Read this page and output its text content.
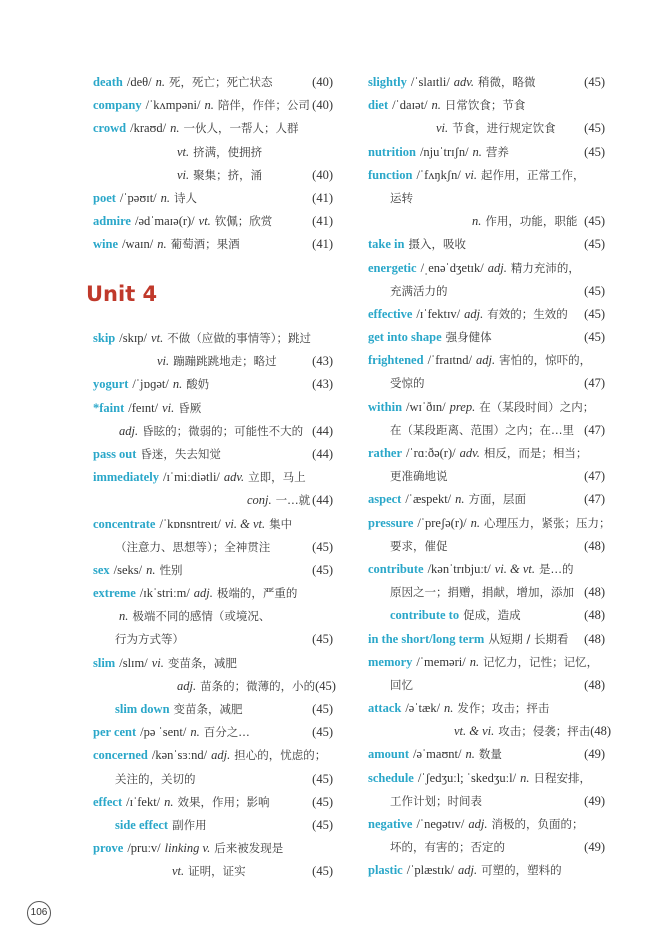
death /deθ/ n. 死，死亡；死亡状态	(40)
company /ˈkʌmpəni/ n. 陪伴，作伴；公司 (40)
crowd /kraʊd/ n. 一伙人，一帮人；人群
vt. 挤满，使拥挤
vi. 聚集；挤，涌	(40)
poet /ˈpəʊɪt/ n. 诗人	(41)
admire /ədˈmaɪə(r)/ vt. 钦佩；欣赏	(41)
wine /waɪn/ n. 葡萄酒；果酒	(41)
Unit 4
skip /skɪp/ vt. 不做（应做的事情等）；跳过
vi. 蹦蹦跳跳地走；略过	(43)
yogurt /ˈjɒɡət/ n. 酸奶	(43)
*faint /feɪnt/ vi. 昏厥
adj. 昏眩的；微弱的；可能性不大的 (44)
pass out 昏迷，失去知觉	(44)
immediately /ɪˈmiːdiətli/ adv. 立即，马上
conj. 一…就 (44)
concentrate /ˈkɒnsntreɪt/ vi. & vt. 集中
（注意力、思想等）；全神贯注	(45)
sex /seks/ n. 性别	(45)
extreme /ɪkˈstriːm/ adj. 极端的，严重的
n. 极端不同的感情（或境况、
行为方式等）	(45)
slim /slɪm/ vi. 变苗条，减肥
adj. 苗条的；微薄的，小的 (45)
slim down 变苗条，减肥	(45)
per cent /pə ˈsent/ n. 百分之…	(45)
concerned /kənˈsɜːnd/ adj. 担心的，忧虑的；
关注的，关切的	(45)
effect /ɪˈfekt/ n. 效果，作用；影响	(45)
side effect 副作用	(45)
prove /pruːv/ linking v. 后来被发现是
vt. 证明，证实	(45)
slightly /ˈslaɪtli/ adv. 稍微，略微	(45)
diet /ˈdaɪət/ n. 日常饮食；节食
vi. 节食，进行规定饮食 (45)
nutrition /njuˈtrɪʃn/ n. 营养	(45)
function /ˈfʌŋkʃn/ vi. 起作用，正常工作，
运转
n. 作用，功能，职能 (45)
take in 摄入，吸收	(45)
energetic /ˌenəˈdʒetɪk/ adj. 精力充沛的，
充满活力的	(45)
effective /ɪˈfektɪv/ adj. 有效的；生效的 (45)
get into shape 强身健体	(45)
frightened /ˈfraɪtnd/ adj. 害怕的，惊吓的，
受惊的	(47)
within /wɪˈðɪn/ prep. 在（某段时间）之内；
在（某段距离、范围）之内；在…里 (47)
rather /ˈrɑːðə(r)/ adv. 相反，而是；相当；
更准确地说	(47)
aspect /ˈæspekt/ n. 方面，层面	(47)
pressure /ˈpreʃə(r)/ n. 心理压力，紧张；压力；
要求，催促	(48)
contribute /kənˈtrɪbjuːt/ vi. & vt. 是…的
原因之一；捐赠，捐献，增加，添加 (48)
contribute to 促成，造成	(48)
in the short/long term 从短期 / 长期看 (48)
memory /ˈmeməri/ n. 记忆力，记性；记忆，
回忆	(48)
attack /əˈtæk/ n. 发作；攻击；抨击
vt. & vi. 攻击；侵袭；抨击 (48)
amount /əˈmaʊnt/ n. 数量	(49)
schedule /ˈʃedʒuːl; ˈskedʒuːl/ n. 日程安排，
工作计划；时间表	(49)
negative /ˈneɡətɪv/ adj. 消极的，负面的；
坏的，有害的；否定的	(49)
plastic /ˈplæstɪk/ adj. 可塑的，塑料的
106
